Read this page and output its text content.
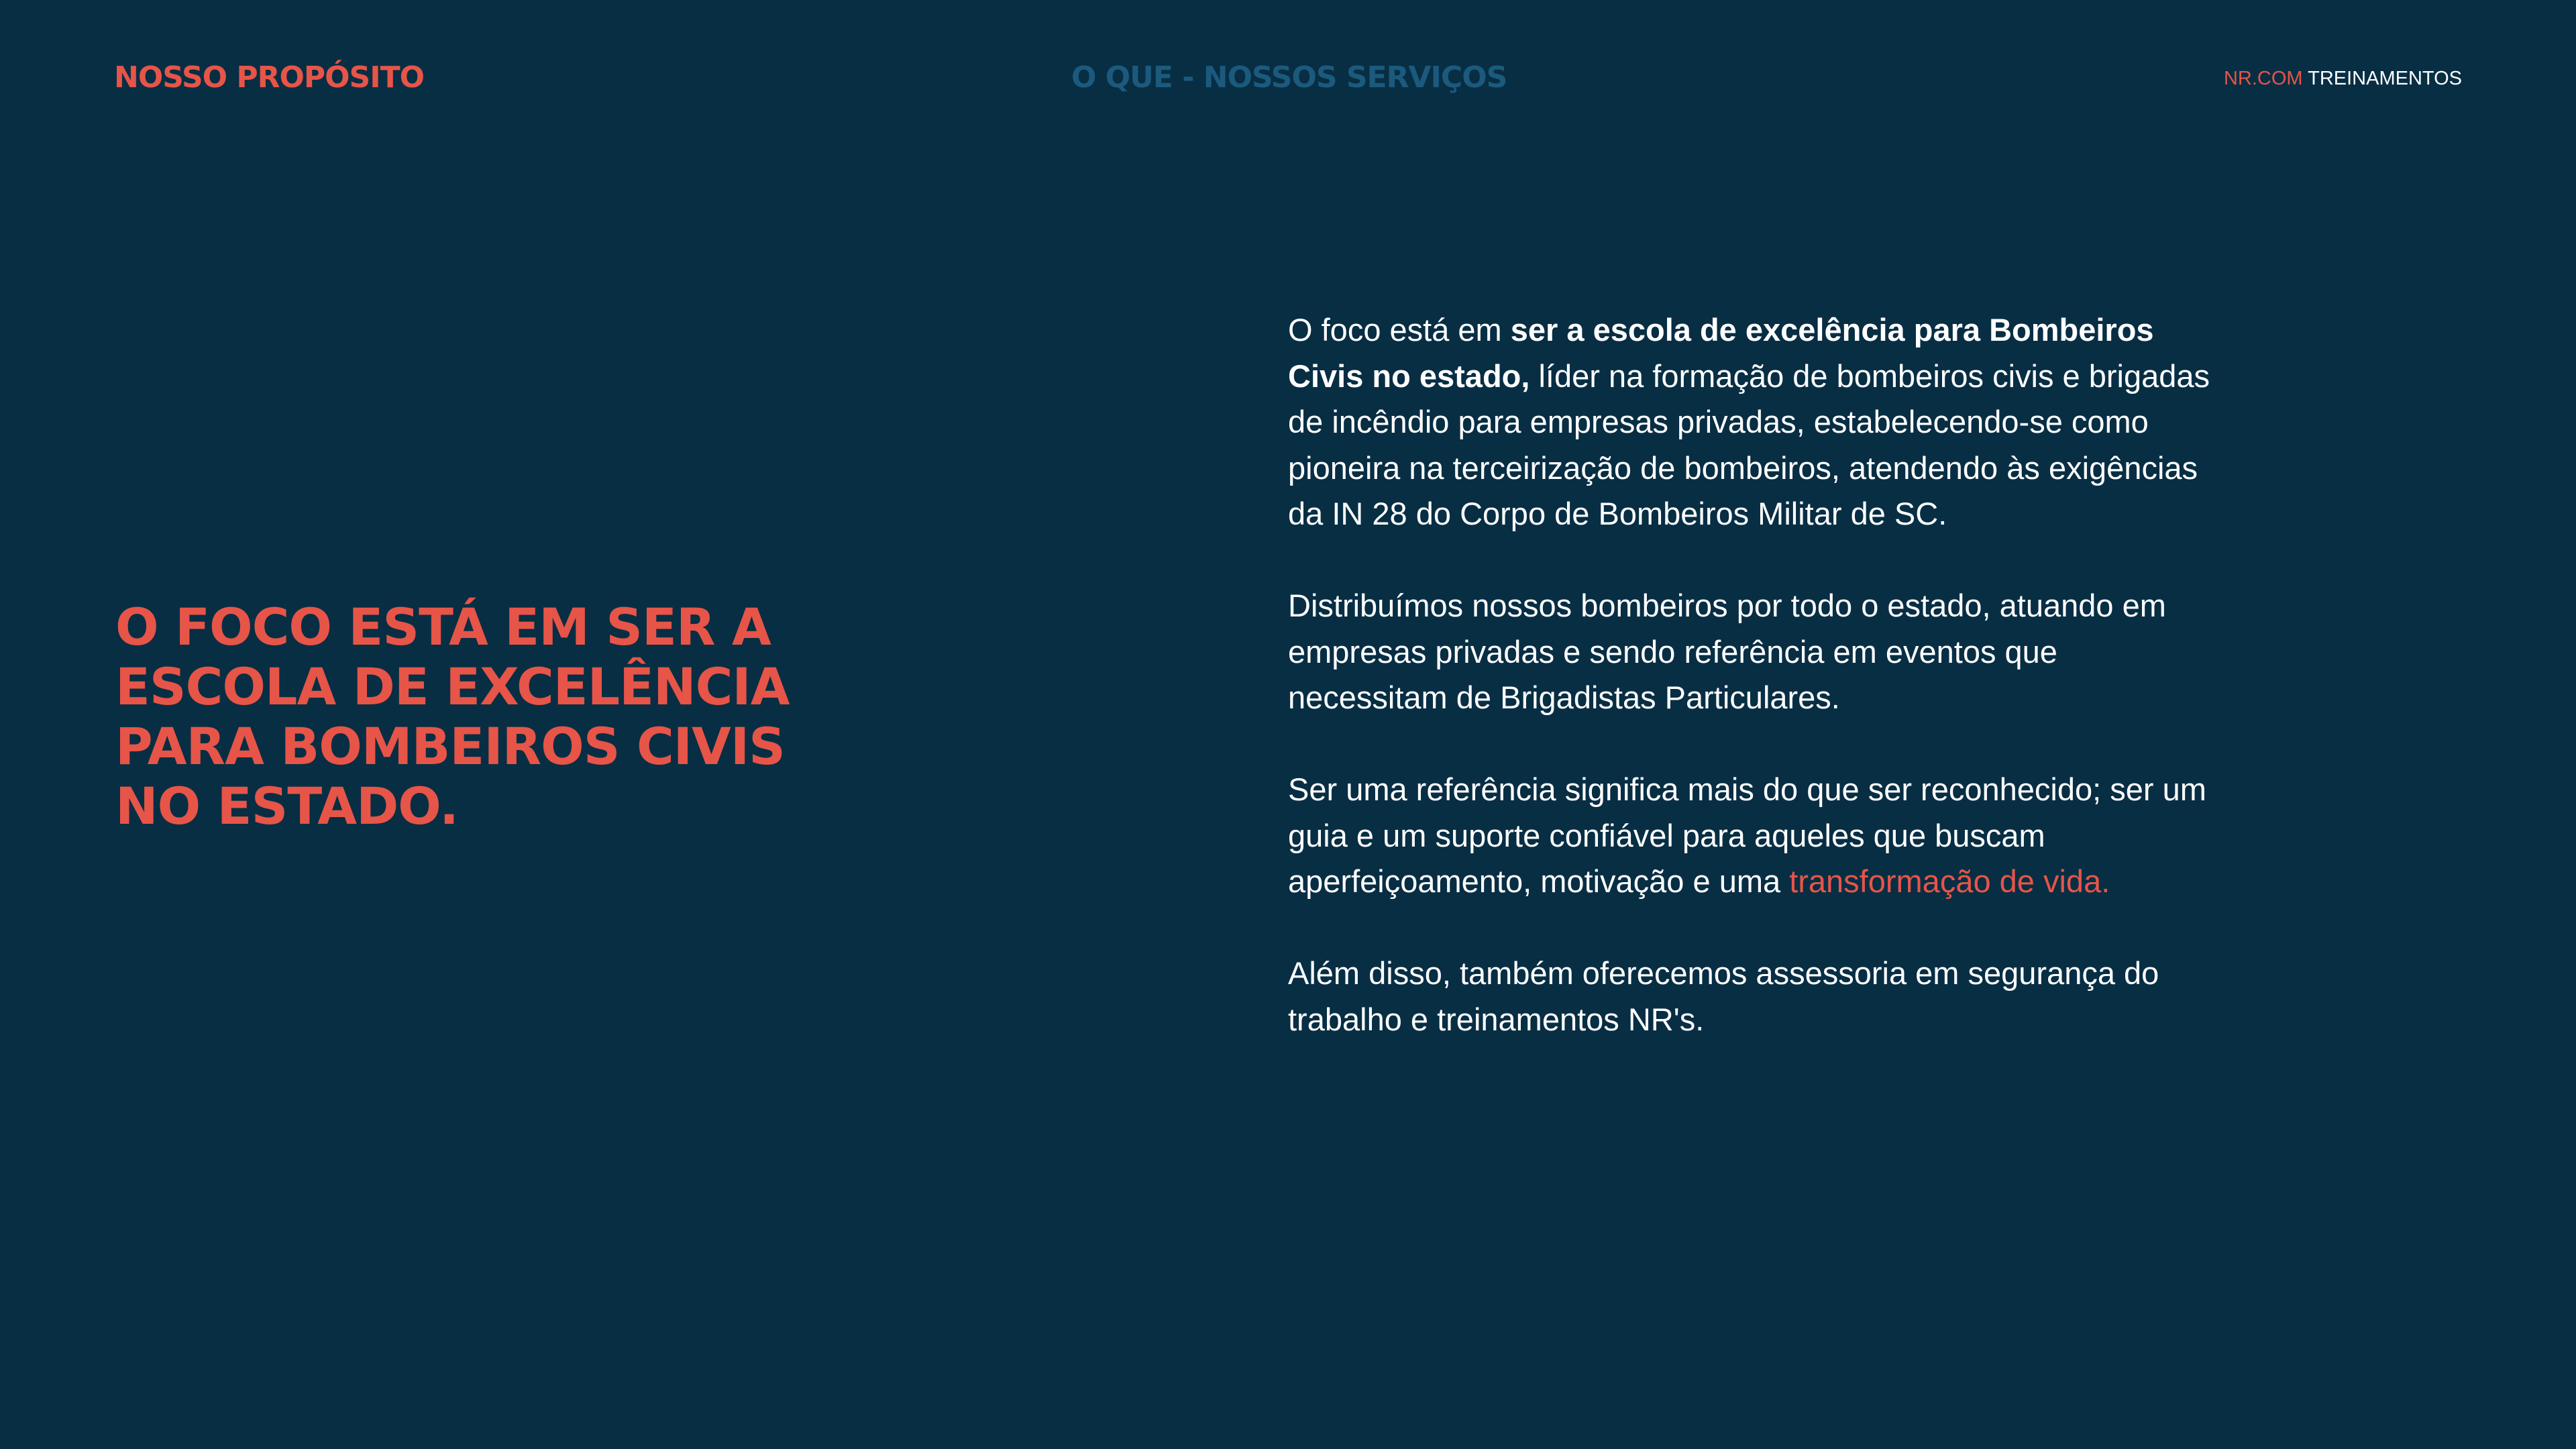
NOSSO PROPÓSITO	O QUE - NOSSOS SERVIÇOS	NR.COM TREINAMENTOS
O FOCO ESTÁ EM SER A ESCOLA DE EXCELÊNCIA PARA BOMBEIROS CIVIS NO ESTADO.

O foco está em ser a escola de excelência para Bombeiros Civis no estado, líder na formação de bombeiros civis e brigadas de incêndio para empresas privadas, estabelecendo-se como pioneira na terceirização de bombeiros, atendendo às exigências da IN 28 do Corpo de Bombeiros Militar de SC.

Distribuímos nossos bombeiros por todo o estado, atuando em empresas privadas e sendo referência em eventos que necessitam de Brigadistas Particulares.

Ser uma referência significa mais do que ser reconhecido; ser um guia e um suporte confiável para aqueles que buscam aperfeiçoamento, motivação e uma transformação de vida.

Além disso, também oferecemos assessoria em segurança do trabalho e treinamentos NR's.
